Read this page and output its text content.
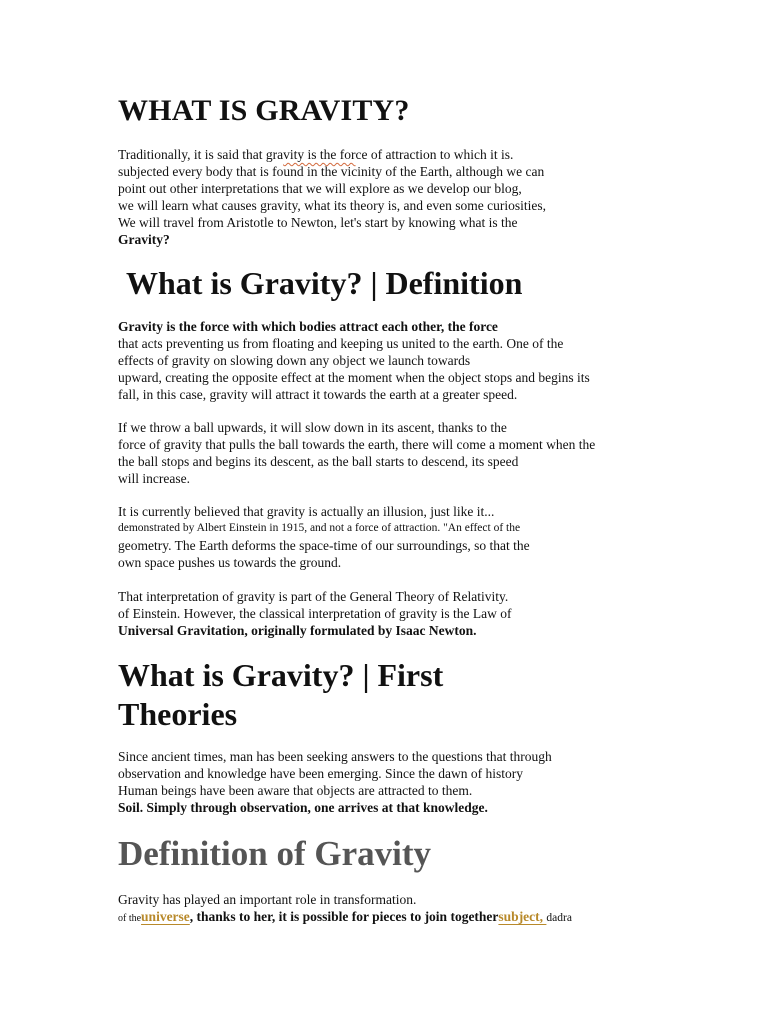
WHAT IS GRAVITY?
Traditionally, it is said that gravity is the force of attraction to which it is.
subjected every body that is found in the vicinity of the Earth, although we can
point out other interpretations that we will explore as we develop our blog,
we will learn what causes gravity, what its theory is, and even some curiosities,
We will travel from Aristotle to Newton, let's start by knowing what is the
Gravity?
What is Gravity? | Definition
Gravity is the force with which bodies attract each other, the force
that acts preventing us from floating and keeping us united to the earth. One of the
effects of gravity on slowing down any object we launch towards
upward, creating the opposite effect at the moment when the object stops and begins its
fall, in this case, gravity will attract it towards the earth at a greater speed.
If we throw a ball upwards, it will slow down in its ascent, thanks to the
force of gravity that pulls the ball towards the earth, there will come a moment when the
the ball stops and begins its descent, as the ball starts to descend, its speed
will increase.
It is currently believed that gravity is actually an illusion, just like it...
demonstrated by Albert Einstein in 1915, and not a force of attraction. "An effect of the
geometry. The Earth deforms the space-time of our surroundings, so that the
own space pushes us towards the ground.
That interpretation of gravity is part of the General Theory of Relativity.
of Einstein. However, the classical interpretation of gravity is the Law of
Universal Gravitation, originally formulated by Isaac Newton.
What is Gravity? | First Theories
Since ancient times, man has been seeking answers to the questions that through
observation and knowledge have been emerging. Since the dawn of history
Human beings have been aware that objects are attracted to them.
Soil. Simply through observation, one arrives at that knowledge.
Definition of Gravity
Gravity has played an important role in transformation.
of theuniverse, thanks to her, it is possible for pieces to join togethersubject, dadra
